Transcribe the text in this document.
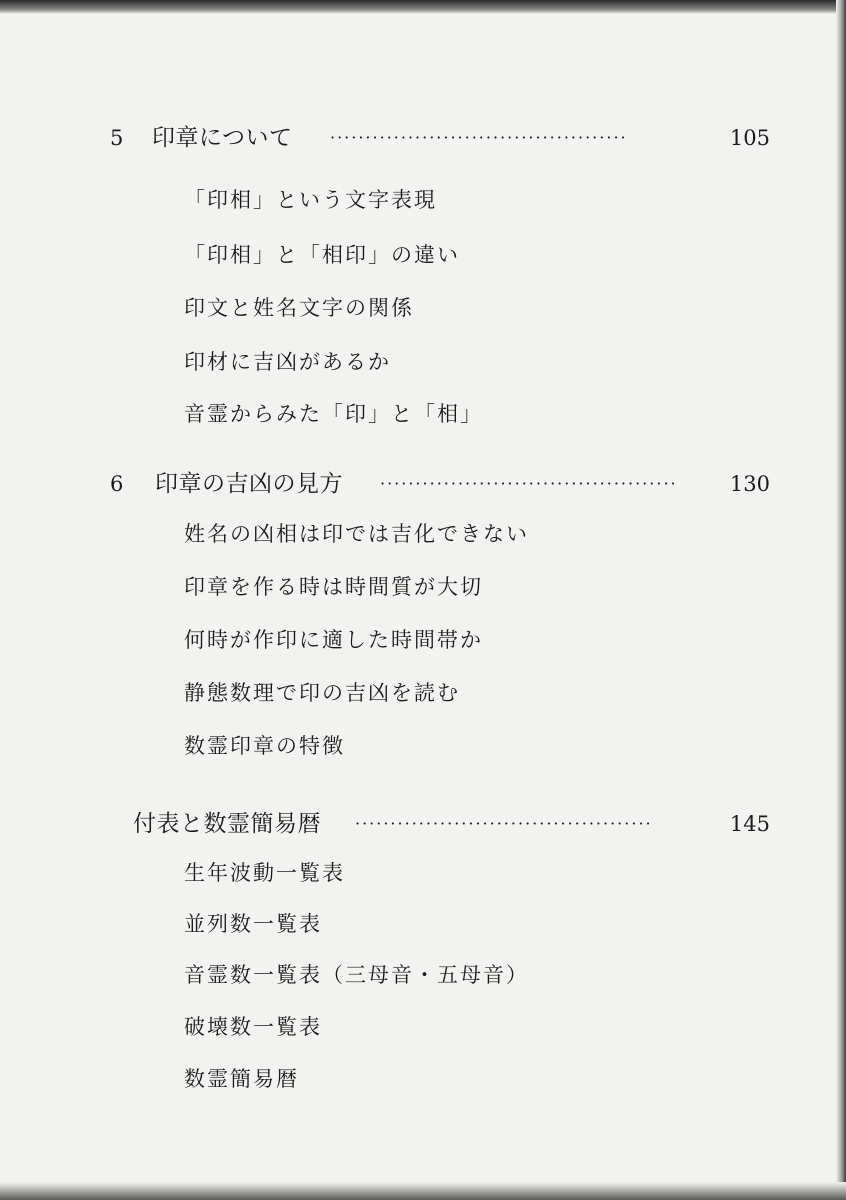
5 印章について ··········································	105
「印相」という文字表現
「印相」と「相印」の違い
印文と姓名文字の関係
印材に吉凶があるか
音霊からみた「印」と「相」
6 印章の吉凶の見方 ··········································	130
姓名の凶相は印では吉化できない
印章を作る時は時間質が大切
何時が作印に適した時間帯か
静態数理で印の吉凶を読む
数霊印章の特徴
付表と数霊簡易暦 ··········································	145
生年波動一覧表
並列数一覧表
音霊数一覧表（三母音・五母音）
破壊数一覧表
数霊簡易暦
